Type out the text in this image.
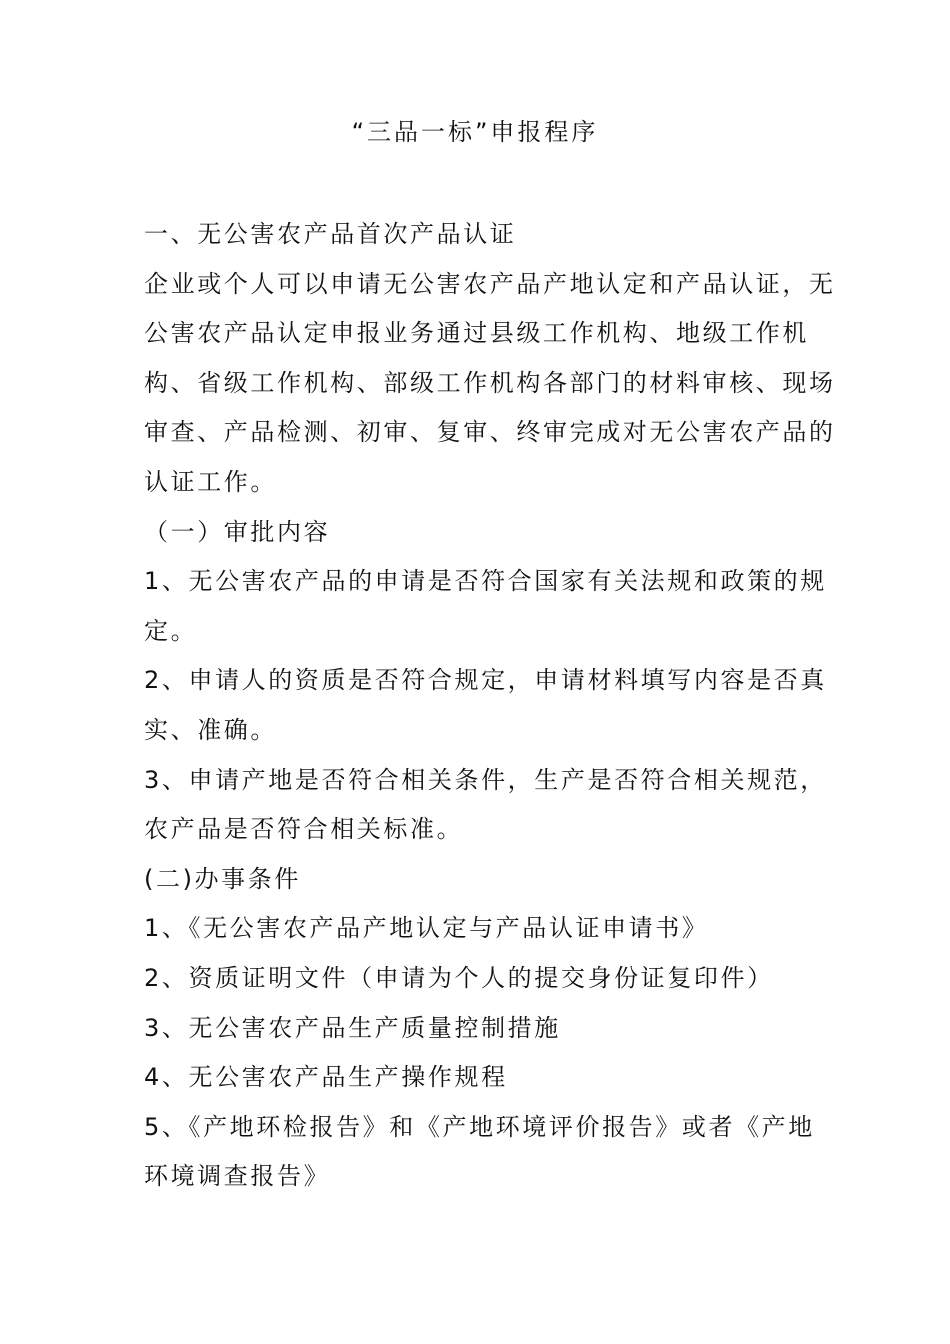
“三品一标”申报程序
一、无公害农产品首次产品认证
企业或个人可以申请无公害农产品产地认定和产品认证，无
公害农产品认定申报业务通过县级工作机构、地级工作机
构、省级工作机构、部级工作机构各部门的材料审核、现场
审查、产品检测、初审、复审、终审完成对无公害农产品的
认证工作。
（一）审批内容
1、无公害农产品的申请是否符合国家有关法规和政策的规
定。
2、申请人的资质是否符合规定，申请材料填写内容是否真
实、准确。
3、申请产地是否符合相关条件，生产是否符合相关规范，
农产品是否符合相关标准。
(二)办事条件
1、《无公害农产品产地认定与产品认证申请书》
2、资质证明文件（申请为个人的提交身份证复印件）
3、无公害农产品生产质量控制措施
4、无公害农产品生产操作规程
5、《产地环检报告》和《产地环境评价报告》或者《产地
环境调查报告》
